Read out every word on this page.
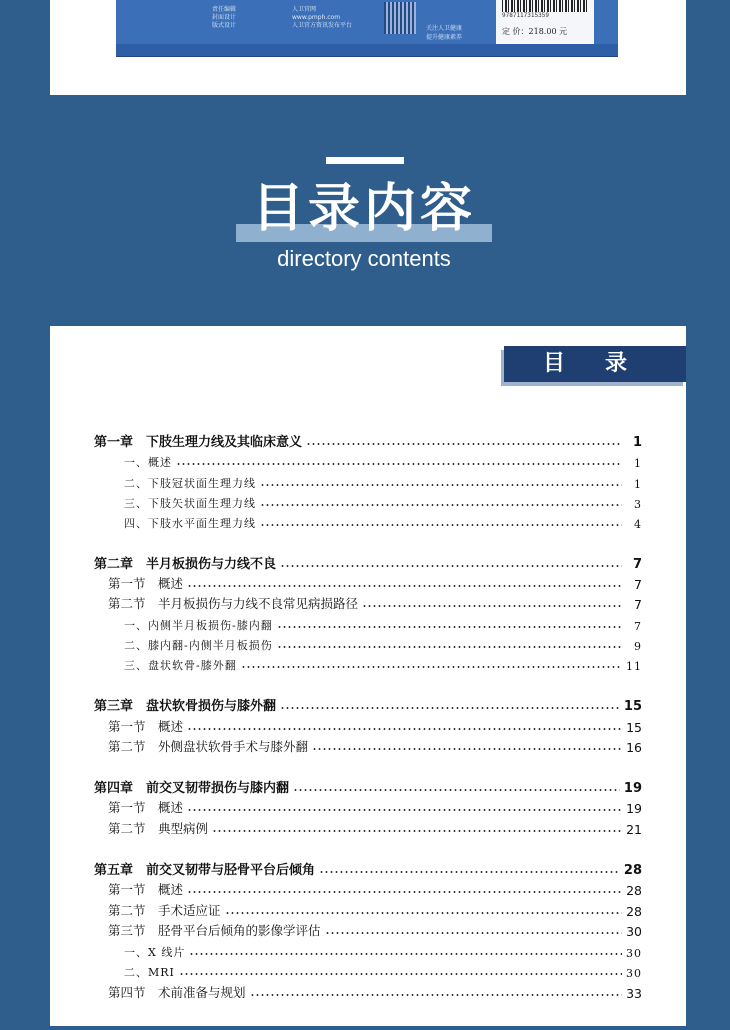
责任编辑
封面设计
版式设计
人卫官网
www.pmph.com
人卫官方资讯发布平台	关注人卫健康
提升健康素养
9787117315359
定 价：218.00 元
目录内容
directory contents
目录
第一章　下肢生理力线及其临床意义	1
一、概述	1
二、下肢冠状面生理力线	1
三、下肢矢状面生理力线	3
四、下肢水平面生理力线	4
第二章　半月板损伤与力线不良	7
第一节　概述	7
第二节　半月板损伤与力线不良常见病损路径	7
一、内侧半月板损伤-膝内翻	7
二、膝内翻-内侧半月板损伤	9
三、盘状软骨-膝外翻	11
第三章　盘状软骨损伤与膝外翻	15
第一节　概述	15
第二节　外侧盘状软骨手术与膝外翻	16
第四章　前交叉韧带损伤与膝内翻	19
第一节　概述	19
第二节　典型病例	21
第五章　前交叉韧带与胫骨平台后倾角	28
第一节　概述	28
第二节　手术适应证	28
第三节　胫骨平台后倾角的影像学评估	30
一、X 线片	30
二、MRI	30
第四节　术前准备与规划	33
